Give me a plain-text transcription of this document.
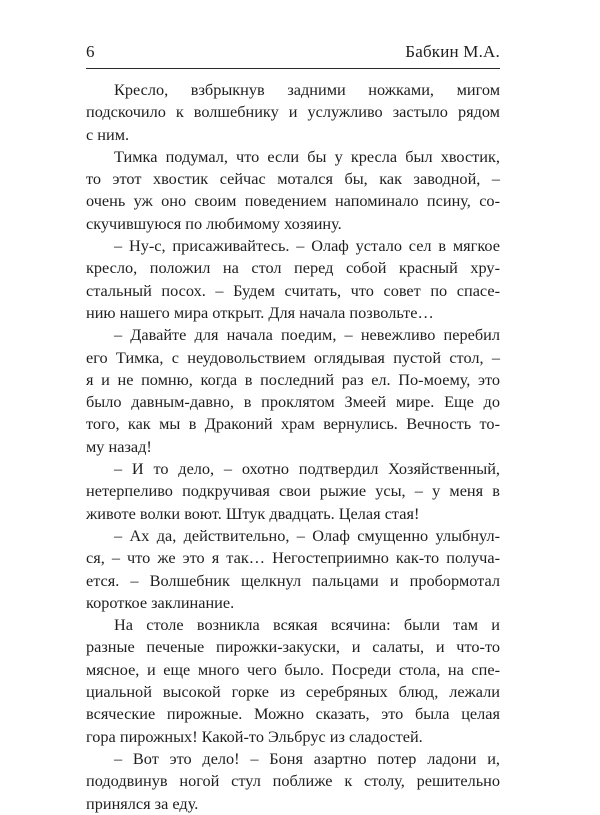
6	Бабкин М.А.
Кресло, взбрыкнув задними ножками, мигом
подскочило к волшебнику и услужливо застыло рядом
с ним.
Тимка подумал, что если бы у кресла был хвостик,
то этот хвостик сейчас мотался бы, как заводной, –
очень уж оно своим поведением напоминало псину, со-
скучившуюся по любимому хозяину.
– Ну-с, присаживайтесь. – Олаф устало сел в мягкое
кресло, положил на стол перед собой красный хру-
стальный посох. – Будем считать, что совет по спасе-
нию нашего мира открыт. Для начала позвольте…
– Давайте для начала поедим, – невежливо перебил
его Тимка, с неудовольствием оглядывая пустой стол, –
я и не помню, когда в последний раз ел. По-моему, это
было давным-давно, в проклятом Змеей мире. Еще до
того, как мы в Драконий храм вернулись. Вечность то-
му назад!
– И то дело, – охотно подтвердил Хозяйственный,
нетерпеливо подкручивая свои рыжие усы, – у меня в
животе волки воют. Штук двадцать. Целая стая!
– Ах да, действительно, – Олаф смущенно улыбнул-
ся, – что же это я так… Негостеприимно как-то получа-
ется. – Волшебник щелкнул пальцами и пробормотал
короткое заклинание.
На столе возникла всякая всячина: были там и
разные печеные пирожки-закуски, и салаты, и что-то
мясное, и еще много чего было. Посреди стола, на спе-
циальной высокой горке из серебряных блюд, лежали
всяческие пирожные. Можно сказать, это была целая
гора пирожных! Какой-то Эльбрус из сладостей.
– Вот это дело! – Боня азартно потер ладони и,
пододвинув ногой стул поближе к столу, решительно
принялся за еду.
